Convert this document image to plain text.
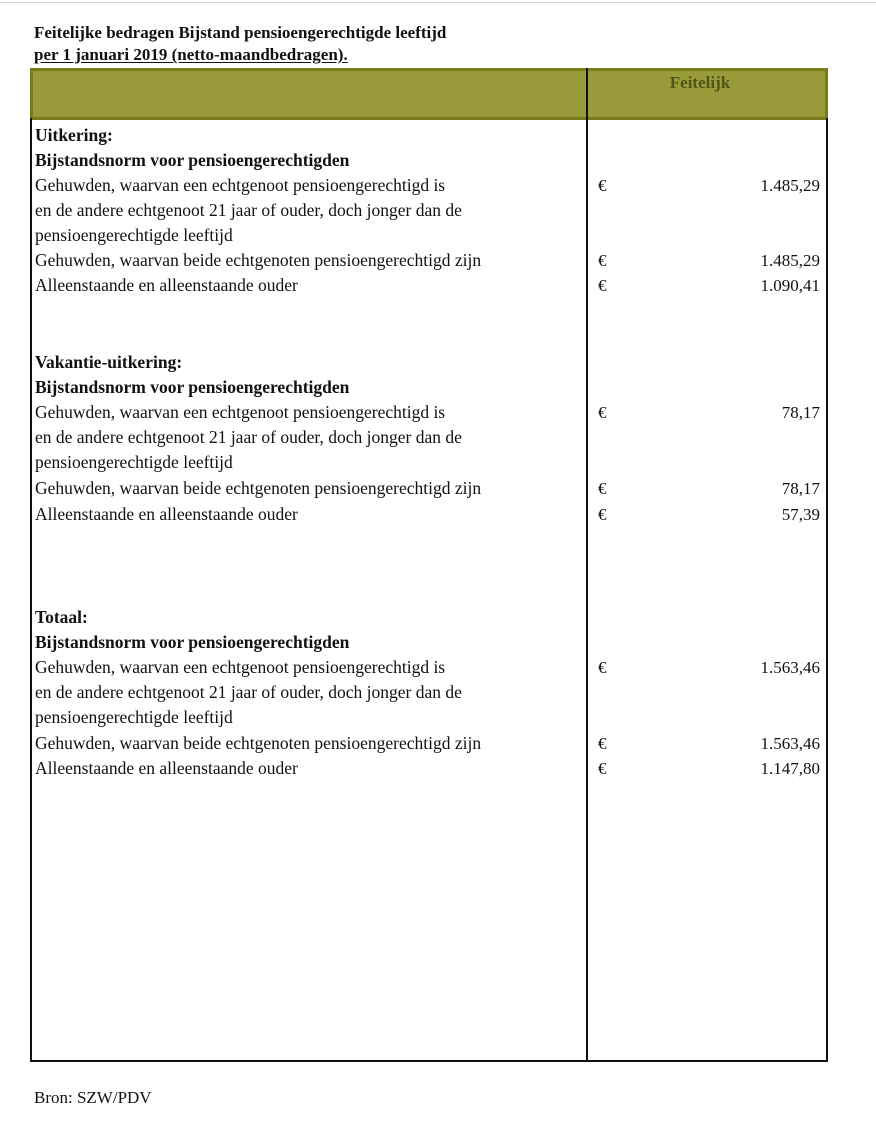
Feitelijke bedragen Bijstand pensioengerechtigde leeftijd
per 1 januari 2019 (netto-maandbedragen).
Feitelijk
Uitkering:
Bijstandsnorm voor pensioengerechtigden
Gehuwden, waarvan een echtgenoot pensioengerechtigd is	€	1.485,29
en de andere echtgenoot 21 jaar of ouder, doch jonger dan de
pensioengerechtigde leeftijd
Gehuwden, waarvan beide echtgenoten pensioengerechtigd zijn	€	1.485,29
Alleenstaande en alleenstaande ouder	€	1.090,41
Vakantie-uitkering:
Bijstandsnorm voor pensioengerechtigden
Gehuwden, waarvan een echtgenoot pensioengerechtigd is	€	78,17
en de andere echtgenoot 21 jaar of ouder, doch jonger dan de
pensioengerechtigde leeftijd
Gehuwden, waarvan beide echtgenoten pensioengerechtigd zijn	€	78,17
Alleenstaande en alleenstaande ouder	€	57,39
Totaal:
Bijstandsnorm voor pensioengerechtigden
Gehuwden, waarvan een echtgenoot pensioengerechtigd is	€	1.563,46
en de andere echtgenoot 21 jaar of ouder, doch jonger dan de
pensioengerechtigde leeftijd
Gehuwden, waarvan beide echtgenoten pensioengerechtigd zijn	€	1.563,46
Alleenstaande en alleenstaande ouder	€	1.147,80
Bron: SZW/PDV
